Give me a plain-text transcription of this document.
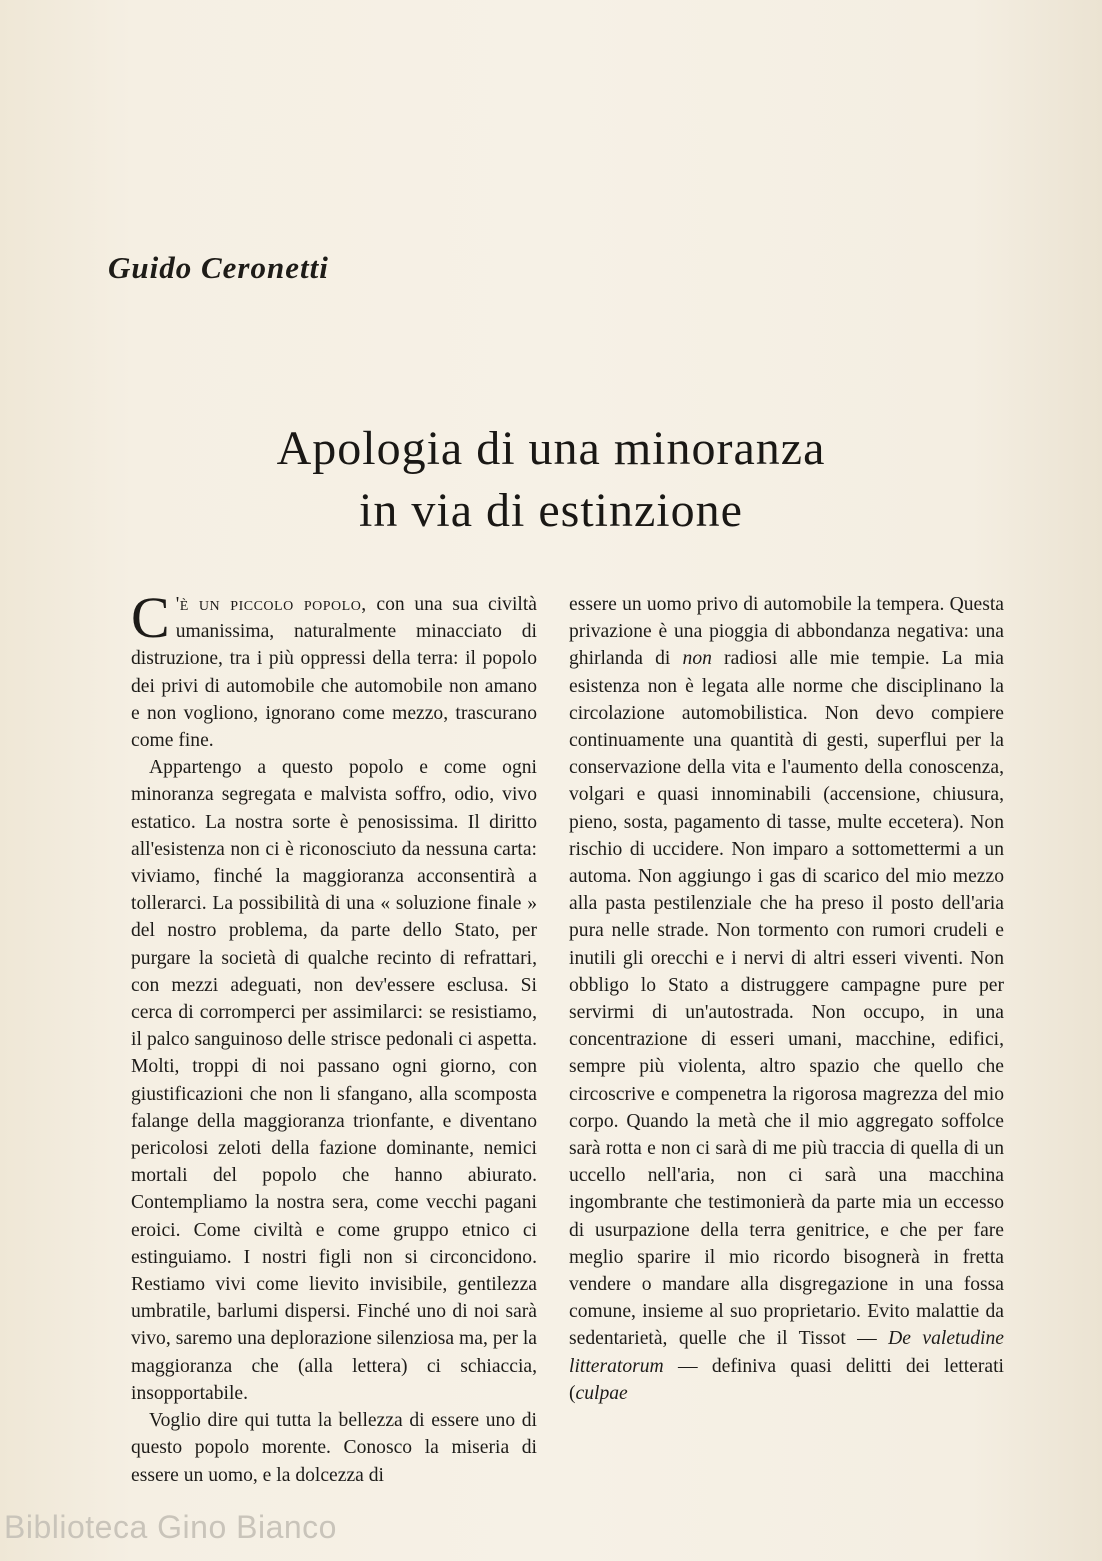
Guido Ceronetti
Apologia di una minoranza
in via di estinzione

C 'è un piccolo popolo, con una sua civiltà umanissima, naturalmente minacciato di distruzione, tra i più oppressi della terra: il popolo dei privi di automobile che automobile non amano e non vogliono, ignorano come mezzo, trascurano come fine.

Appartengo a questo popolo e come ogni minoranza segregata e malvista soffro, odio, vivo estatico. La nostra sorte è penosissima. Il diritto all'esistenza non ci è riconosciuto da nessuna carta: viviamo, finché la maggioranza acconsentirà a tollerarci. La possibilità di una « soluzione finale » del nostro problema, da parte dello Stato, per purgare la società di qualche recinto di refrattari, con mezzi adeguati, non dev'essere esclusa. Si cerca di corromperci per assimilarci: se resistiamo, il palco sanguinoso delle strisce pedonali ci aspetta. Molti, troppi di noi passano ogni giorno, con giustificazioni che non li sfangano, alla scomposta falange della maggioranza trionfante, e diventano pericolosi zeloti della fazione dominante, nemici mortali del popolo che hanno abiurato. Contempliamo la nostra sera, come vecchi pagani eroici. Come civiltà e come gruppo etnico ci estinguiamo. I nostri figli non si circoncidono. Restiamo vivi come lievito invisibile, gentilezza umbratile, barlumi dispersi. Finché uno di noi sarà vivo, saremo una deplorazione silenziosa ma, per la maggioranza che (alla lettera) ci schiaccia, insopportabile.

Voglio dire qui tutta la bellezza di essere uno di questo popolo morente. Conosco la miseria di essere un uomo, e la dolcezza di

essere un uomo privo di automobile la tempera. Questa privazione è una pioggia di abbondanza negativa: una ghirlanda di non radiosi alle mie tempie. La mia esistenza non è legata alle norme che disciplinano la circolazione automobilistica. Non devo compiere continuamente una quantità di gesti, superflui per la conservazione della vita e l'aumento della conoscenza, volgari e quasi innominabili (accensione, chiusura, pieno, sosta, pagamento di tasse, multe eccetera). Non rischio di uccidere. Non imparo a sottomettermi a un automa. Non aggiungo i gas di scarico del mio mezzo alla pasta pestilenziale che ha preso il posto dell'aria pura nelle strade. Non tormento con rumori crudeli e inutili gli orecchi e i nervi di altri esseri viventi. Non obbligo lo Stato a distruggere campagne pure per servirmi di un'autostrada. Non occupo, in una concentrazione di esseri umani, macchine, edifici, sempre più violenta, altro spazio che quello che circoscrive e compenetra la rigorosa magrezza del mio corpo. Quando la metà che il mio aggregato soffolce sarà rotta e non ci sarà di me più traccia di quella di un uccello nell'aria, non ci sarà una macchina ingombrante che testimonierà da parte mia un eccesso di usurpazione della terra genitrice, e che per fare meglio sparire il mio ricordo bisognerà in fretta vendere o mandare alla disgregazione in una fossa comune, insieme al suo proprietario. Evito malattie da sedentarietà, quelle che il Tissot — De valetudine litteratorum — definiva quasi delitti dei letterati (culpae

Biblioteca Gino Bianco
